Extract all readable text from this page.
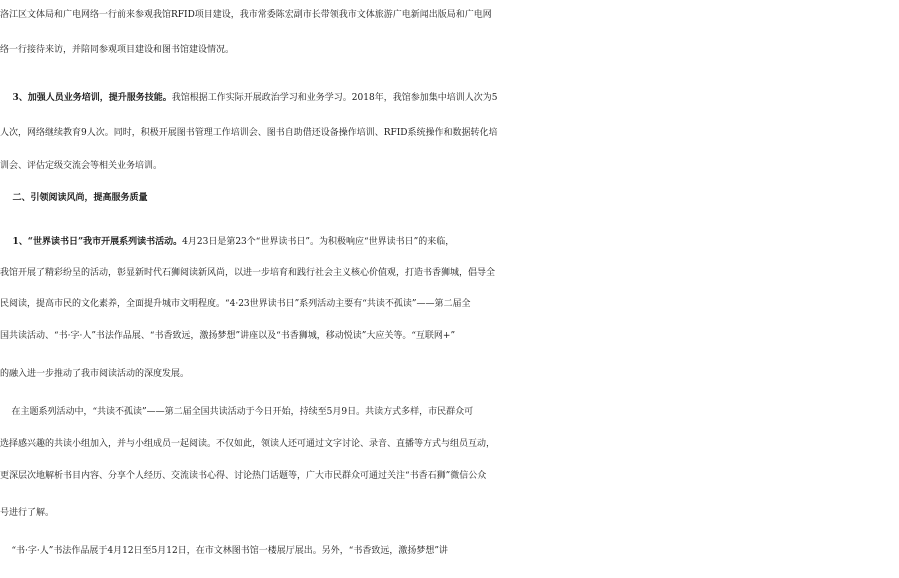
洛江区文体局和广电网络一行前来参观我馆RFID项目建设，我市常委陈宏副市长带领我市文体旅游广电新闻出版局和广电网
络一行接待来访，并陪同参观项目建设和图书馆建设情况。
3、加强人员业务培训，提升服务技能。我馆根据工作实际开展政治学习和业务学习。2018年，我馆参加集中培训人次为5
人次，网络继续教育9人次。同时，积极开展图书管理工作培训会、图书自助借还设备操作培训、RFID系统操作和数据转化培
训会、评估定级交流会等相关业务培训。
二、引领阅读风尚，提高服务质量
1、“世界读书日”我市开展系列读书活动。4月23日是第23个“世界读书日”。为积极响应“世界读书日”的来临，
我馆开展了精彩纷呈的活动，彰显新时代石狮阅读新风尚，以进一步培育和践行社会主义核心价值观，打造书香狮城，倡导全
民阅读，提高市民的文化素养，全面提升城市文明程度。“4·23世界读书日”系列活动主要有“共读不孤读”——第二届全
国共读活动、“书·字·人”书法作品展、“书香致远，激扬梦想”讲座以及“书香狮城，移动悦读”大应关等。“互联网+”
的融入进一步推动了我市阅读活动的深度发展。
在主题系列活动中，“共读不孤读”——第二届全国共读活动于今日开始，持续至5月9日。共读方式多样，市民群众可
选择感兴趣的共读小组加入，并与小组成员一起阅读。不仅如此，领读人还可通过文字讨论、录音、直播等方式与组员互动，
更深层次地解析书目内容、分享个人经历、交流读书心得、讨论热门话题等，广大市民群众可通过关注“书香石狮”微信公众
号进行了解。
“书·字·人”书法作品展于4月12日至5月12日，在市文林图书馆一楼展厅展出。另外，“书香致远，激扬梦想”讲
